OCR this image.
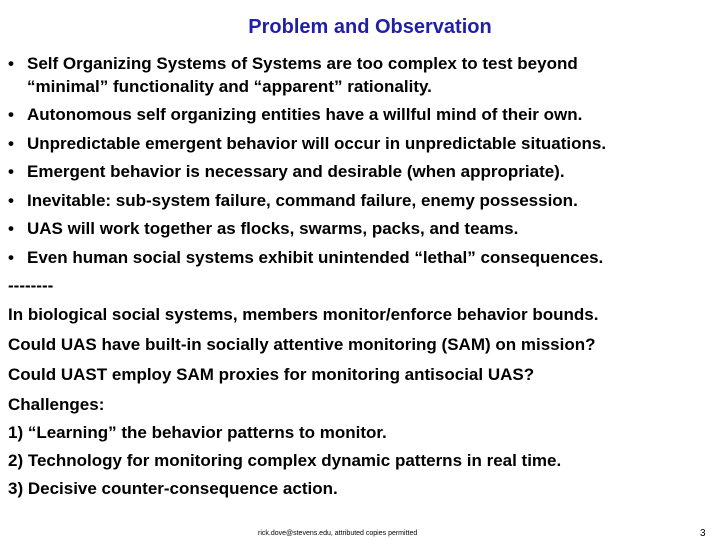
Problem and Observation
• Self Organizing Systems of Systems are too complex to test beyond
“minimal” functionality and “apparent” rationality.
• Autonomous self organizing entities have a willful mind of their own.
• Unpredictable emergent behavior will occur in unpredictable situations.
• Emergent behavior is necessary and desirable (when appropriate).
• Inevitable: sub-system failure, command failure, enemy possession.
• UAS will work together as flocks, swarms, packs, and teams.
• Even human social systems exhibit unintended “lethal” consequences.
--------
In biological social systems, members monitor/enforce behavior bounds.
Could UAS have built-in socially attentive monitoring (SAM) on mission?
Could UAST employ SAM proxies for monitoring antisocial UAS?
Challenges:
1) “Learning” the behavior patterns to monitor.
2) Technology for monitoring complex dynamic patterns in real time.
3) Decisive counter-consequence action.
rick.dove@stevens.edu, attributed copies permitted	3
